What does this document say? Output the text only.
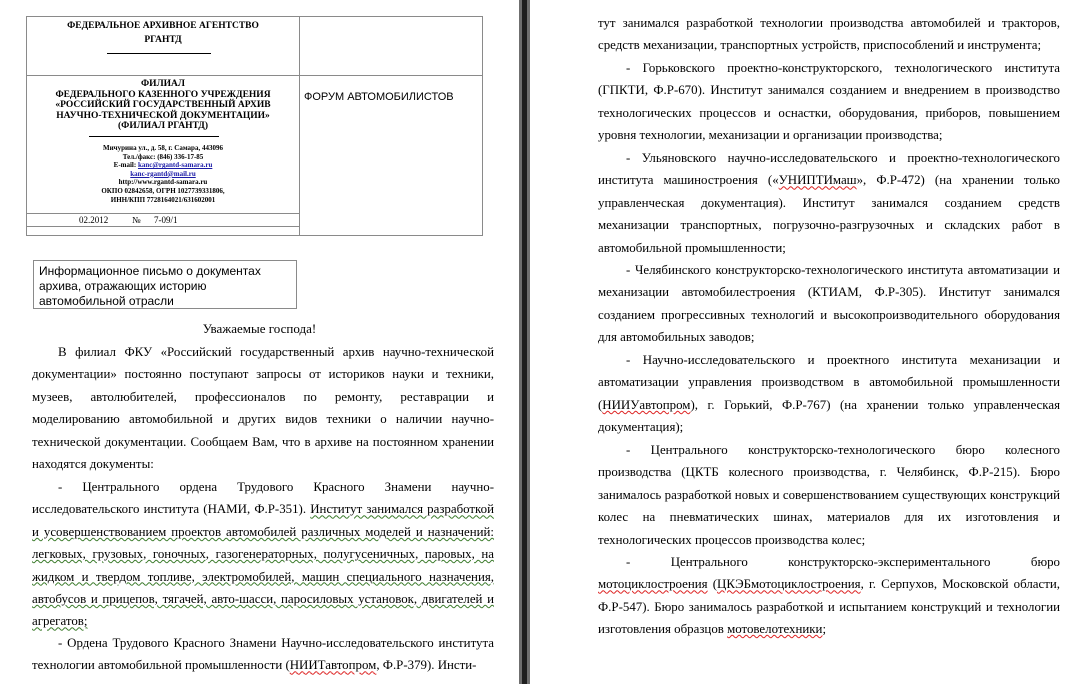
ФЕДЕРАЛЬНОЕ АРХИВНОЕ АГЕНТСТВО
РГАНТД
ФИЛИАЛ
ФЕДЕРАЛЬНОГО КАЗЕННОГО УЧРЕЖДЕНИЯ
«РОССИЙСКИЙ ГОСУДАРСТВЕННЫЙ АРХИВ
НАУЧНО-ТЕХНИЧЕСКОЙ ДОКУМЕНТАЦИИ»
(ФИЛИАЛ РГАНТД)
Мичурина ул., д. 58, г. Самара, 443096
Тел./факс: (846) 336-17-85
E-mail: kanc@rgantd-samara.ru
kanc-rgantd@mail.ru
http://www.rgantd-samara.ru
ОКПО 02842658, ОГРН 1027739331806,
ИНН/КПП 7728164021/631602001
02.2012	№ 7-09/1
ФОРУМ АВТОМОБИЛИСТОВ
Информационное письмо о документах архива, отражающих историю автомобильной отрасли
Уважаемые господа!
В филиал ФКУ «Российский государственный архив научно-технической документации» постоянно поступают запросы от историков науки и техники, музеев, автолюбителей, профессионалов по ремонту, реставрации и моделированию автомобильной и других видов техники о наличии научно-технической документации. Сообщаем Вам, что в архиве на постоянном хранении находятся документы:
- Центрального ордена Трудового Красного Знамени научно-исследовательского института (НАМИ, Ф.Р-351). Институт занимался разработкой и усовершенствованием проектов автомобилей различных моделей и назначений: легковых, грузовых, гоночных, газогенераторных, полугусеничных, паровых, на жидком и твердом топливе, электромобилей, машин специального назначения, автобусов и прицепов, тягачей, авто-шасси, паросиловых установок, двигателей и агрегатов;
- Ордена Трудового Красного Знамени Научно-исследовательского института технологии автомобильной промышленности (НИИТавтопром, Ф.Р-379). Инсти-
тут занимался разработкой технологии производства автомобилей и тракторов, средств механизации, транспортных устройств, приспособлений и инструмента;
- Горьковского проектно-конструкторского, технологического института (ГПКТИ, Ф.Р-670). Институт занимался созданием и внедрением в производство технологических процессов и оснастки, оборудования, приборов, повышением уровня технологии, механизации и организации производства;
- Ульяновского научно-исследовательского и проектно-технологического института машиностроения («УНИПТИмаш», Ф.Р-472) (на хранении только управленческая документация). Институт занимался созданием средств механизации транспортных, погрузочно-разгрузочных и складских работ в автомобильной промышленности;
- Челябинского конструкторско-технологического института автоматизации и механизации автомобилестроения (КТИАМ, Ф.Р-305). Институт занимался созданием прогрессивных технологий и высокопроизводительного оборудования для автомобильных заводов;
- Научно-исследовательского и проектного института механизации и автоматизации управления производством в автомобильной промышленности (НИИУавтопром), г. Горький, Ф.Р-767) (на хранении только управленческая документация);
- Центрального конструкторско-технологического бюро колесного производства (ЦКТБ колесного производства, г. Челябинск, Ф.Р-215). Бюро занималось разработкой новых и совершенствованием существующих конструкций колес на пневматических шинах, материалов для их изготовления и технологических процессов производства колес;
- Центрального конструкторско-экспериментального бюро мотоциклостроения (ЦКЭБмотоциклостроения, г. Серпухов, Московской области, Ф.Р-547). Бюро занималось разработкой и испытанием конструкций и технологии изготовления образцов мотовелотехники;
